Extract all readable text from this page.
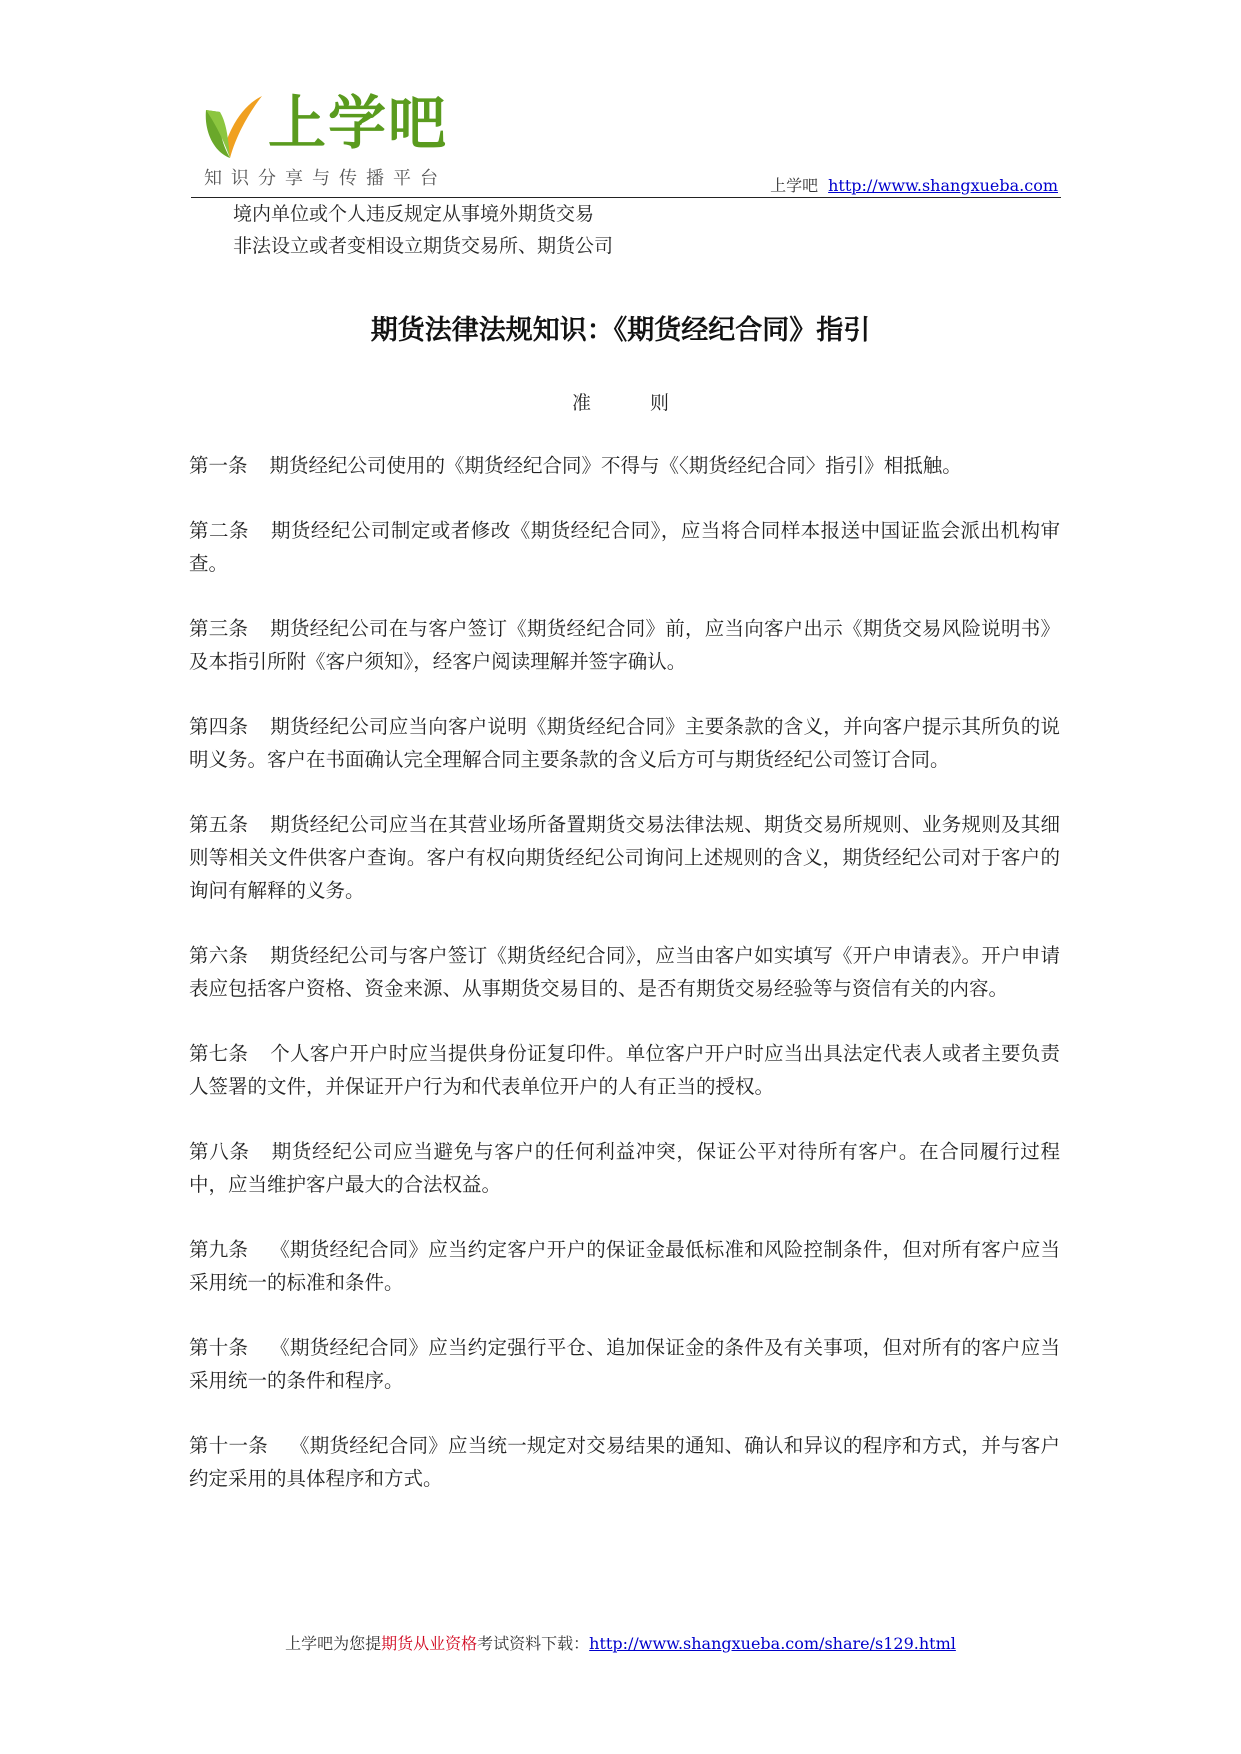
上学吧
知识分享与传播平台	上学吧 http://www.shangxueba.com
境内单位或个人违反规定从事境外期货交易
非法设立或者变相设立期货交易所、期货公司
期货法律法规知识：《期货经纪合同》指引
准　则

第一条 期货经纪公司使用的《期货经纪合同》不得与《〈期货经纪合同〉指引》相抵触。

第二条 期货经纪公司制定或者修改《期货经纪合同》，应当将合同样本报送中国证监会派出机构审查。

第三条 期货经纪公司在与客户签订《期货经纪合同》前，应当向客户出示《期货交易风险说明书》及本指引所附《客户须知》，经客户阅读理解并签字确认。

第四条 期货经纪公司应当向客户说明《期货经纪合同》主要条款的含义，并向客户提示其所负的说明义务。客户在书面确认完全理解合同主要条款的含义后方可与期货经纪公司签订合同。

第五条 期货经纪公司应当在其营业场所备置期货交易法律法规、期货交易所规则、业务规则及其细则等相关文件供客户查询。客户有权向期货经纪公司询问上述规则的含义，期货经纪公司对于客户的询问有解释的义务。

第六条 期货经纪公司与客户签订《期货经纪合同》，应当由客户如实填写《开户申请表》。开户申请表应包括客户资格、资金来源、从事期货交易目的、是否有期货交易经验等与资信有关的内容。

第七条 个人客户开户时应当提供身份证复印件。单位客户开户时应当出具法定代表人或者主要负责人签署的文件，并保证开户行为和代表单位开户的人有正当的授权。

第八条 期货经纪公司应当避免与客户的任何利益冲突，保证公平对待所有客户。在合同履行过程中，应当维护客户最大的合法权益。

第九条 《期货经纪合同》应当约定客户开户的保证金最低标准和风险控制条件，但对所有客户应当采用统一的标准和条件。

第十条 《期货经纪合同》应当约定强行平仓、追加保证金的条件及有关事项，但对所有的客户应当采用统一的条件和程序。

第十一条 《期货经纪合同》应当统一规定对交易结果的通知、确认和异议的程序和方式，并与客户约定采用的具体程序和方式。

上学吧为您提期货从业资格考试资料下载：http://www.shangxueba.com/share/s129.html
